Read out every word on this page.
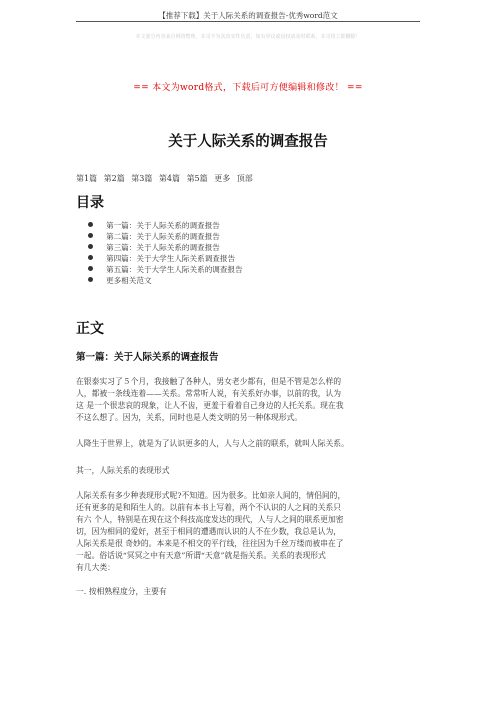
【推荐下载】关于人际关系的调查报告-优秀word范文
本文部分内容来自网络整理，本司不为其真实性负责，如有异议或侵权请及时联系，本司将立即删除！
== 本文为word格式，下载后可方便编辑和修改！ ==
关于人际关系的调查报告
第1篇 第2篇 第3篇 第4篇 第5篇 更多 顶部
目录
第一篇：关于人际关系的调查报告
第二篇：关于人际关系的调查报告
第三篇：关于人际关系的调查报告
第四篇：关于大学生人际关系调查报告
第五篇：关于大学生人际关系的调查报告
更多相关范文
正文
第一篇：关于人际关系的调查报告
在银泰实习了５个月，我接触了各种人，男女老少都有，但是不管是怎么样的
人，都被一条线连着——关系。常常听人说，有关系好办事，以前的我，认为
这 是一个很悲哀的现象，让人不齿，更羞于看着自己身边的人托关系。现在我
不这么想了。因为，关系，同时也是人类文明的另一种体现形式。
人降生于世界上，就是为了认识更多的人，人与人之前的联系，就叫人际关系。
其一，人际关系的表现形式
人际关系有多少种表现形式呢?不知道。因为很多。比如亲人间的，情侣间的，
还有更多的是和陌生人的。以前有本书上写着，两个不认识的人之间的关系只
有六 个人，特别是在现在这个科技高度发达的现代，人与人之间的联系更加密
切，因为相同的爱好，甚至于相同的遭遇而认识的人不在少数，我总是认为，
人际关系是很 奇妙的。本来是不相交的平行线，往往因为千丝万缕而被串在了
一起。俗话说“冥冥之中有天意”所谓“天意”就是指关系。关系的表现形式
有几大类：
一. 按相熟程度分，主要有
